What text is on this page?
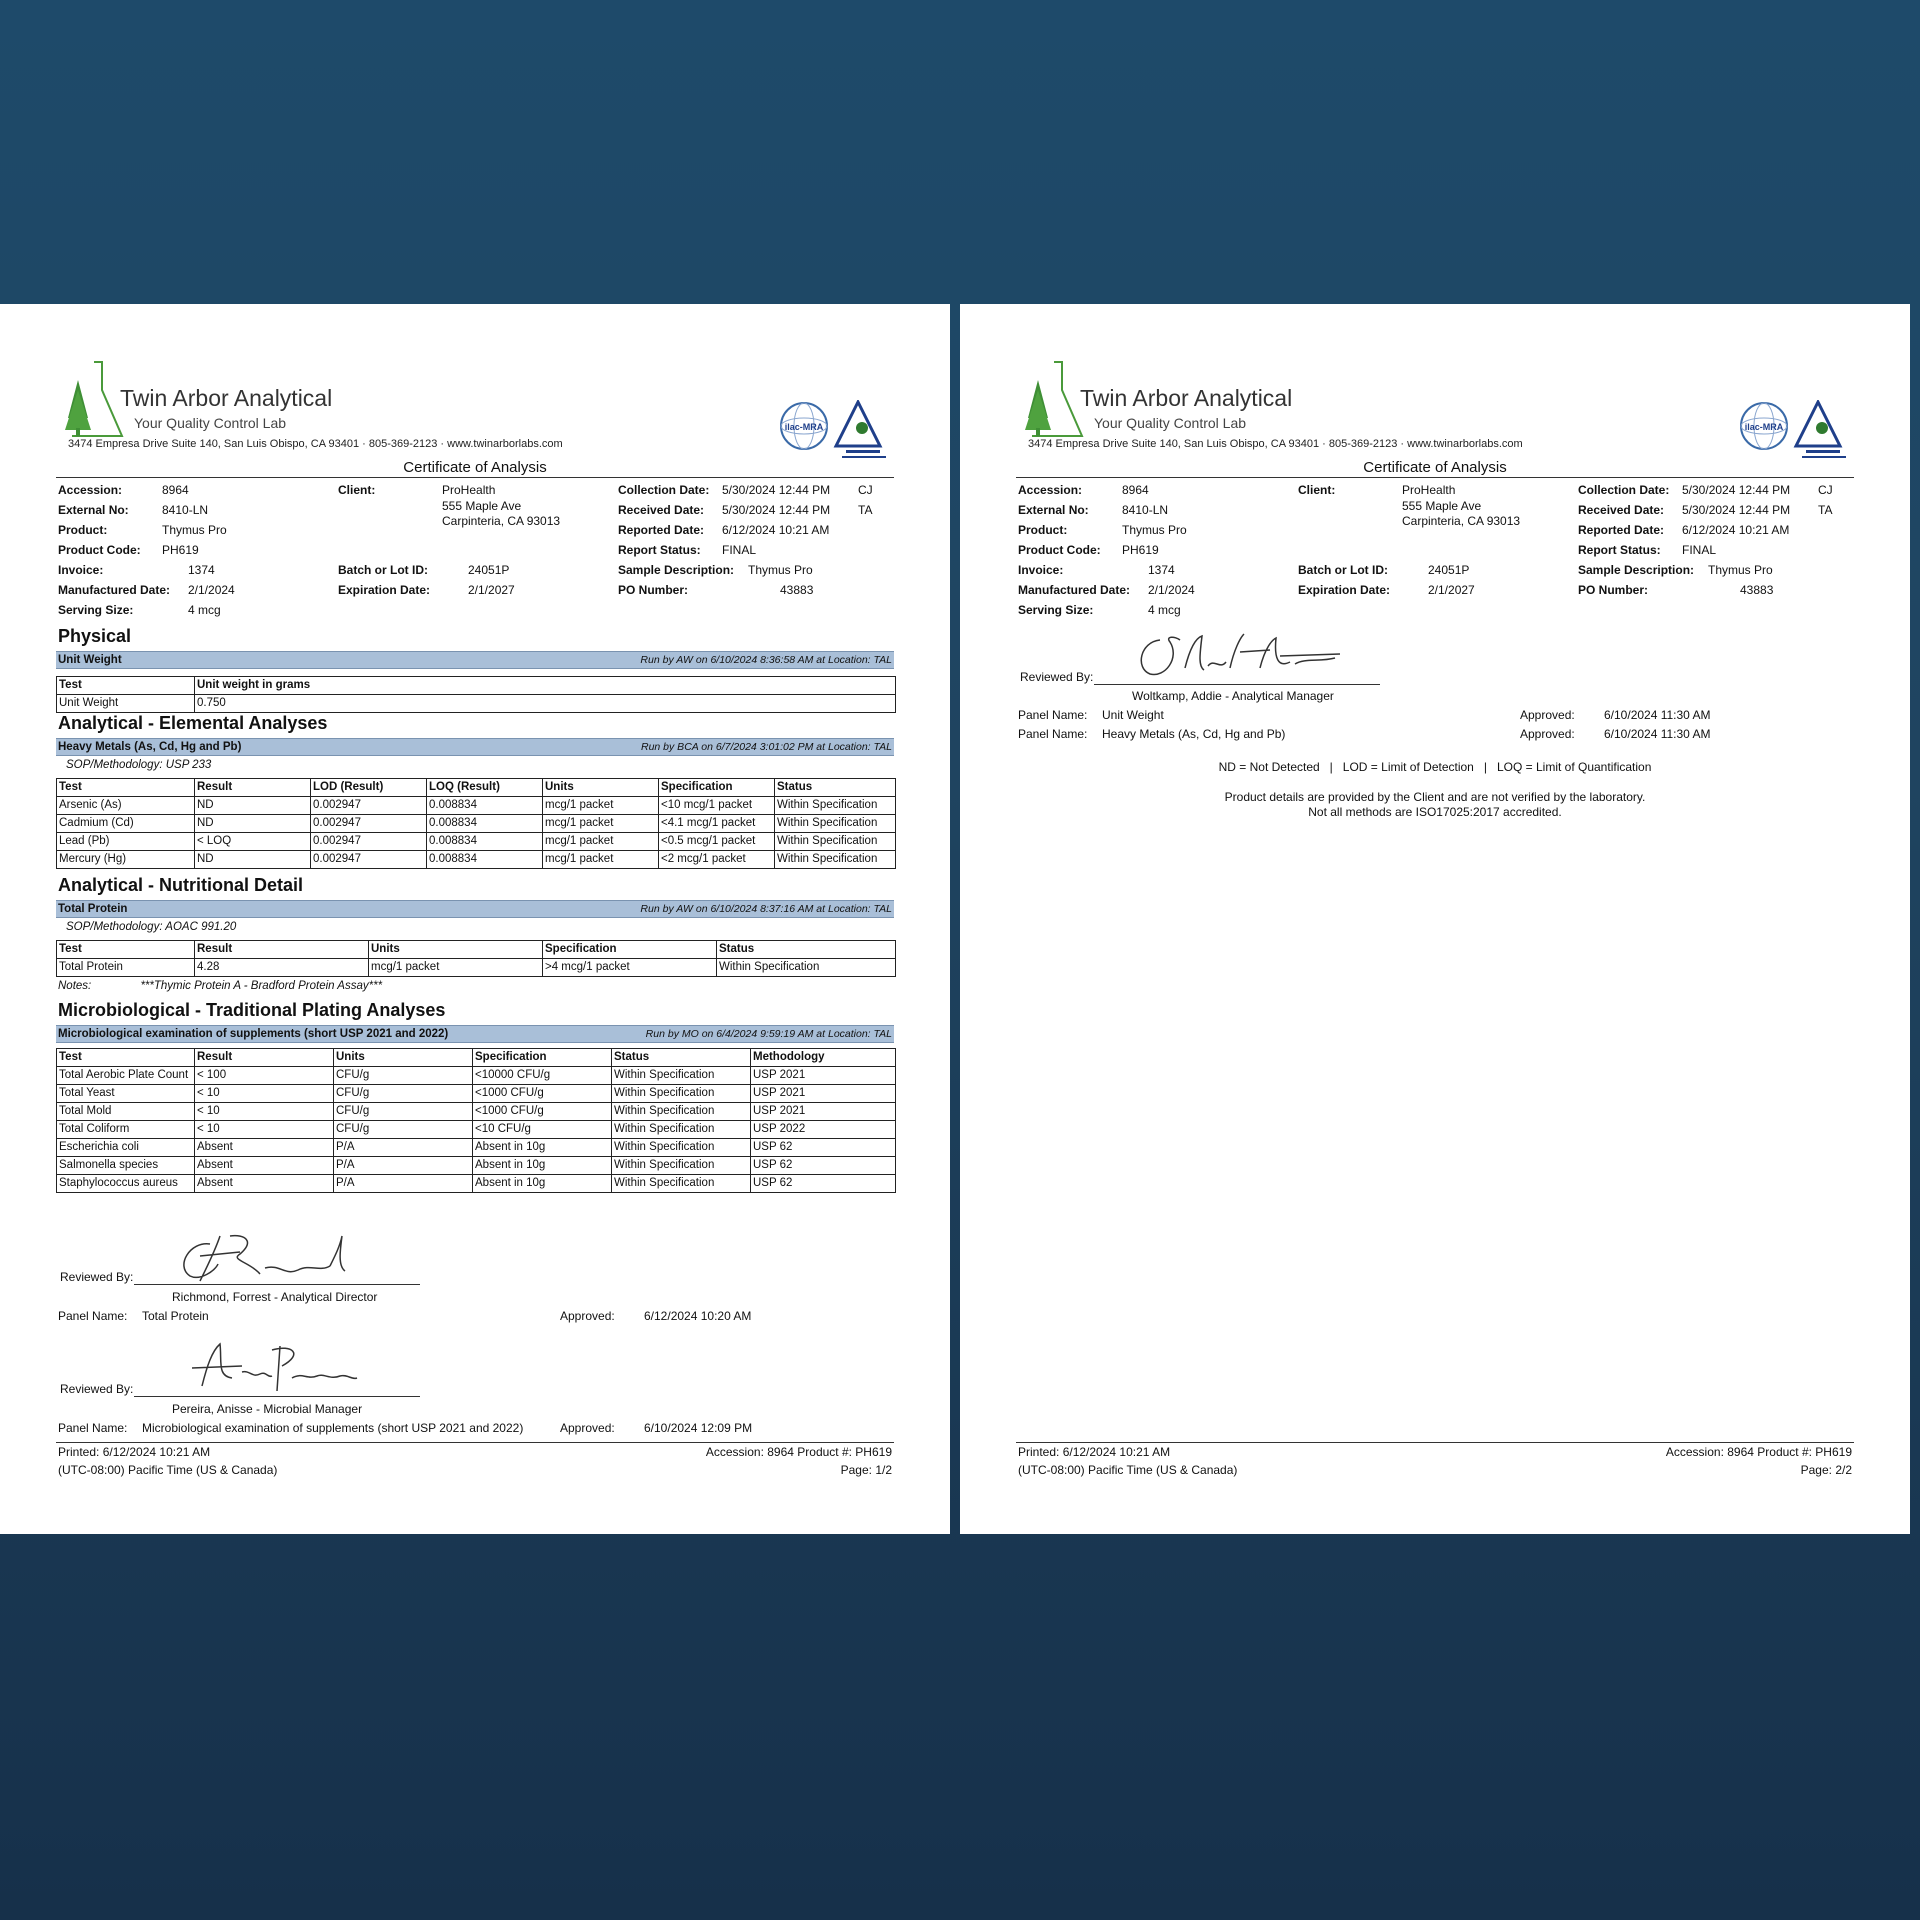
Twin Arbor Analytical
Your Quality Control Lab
3474 Empresa Drive Suite 140, San Luis Obispo, CA 93401 · 805-369-2123 · www.twinarborlabs.com
ilac-MRA
Certificate of Analysis
Accession:	8964	Client:	ProHealth	Collection Date: 5/30/2024 12:44 PM CJ
External No:	8410-LN	555 Maple Ave
Carpinteria, CA 93013
Received Date: 5/30/2024 12:44 PM TA
Product:	Thymus Pro	Reported Date: 6/12/2024 10:21 AM
Product Code: PH619	Report Status: FINAL
Invoice:	1374	Batch or Lot ID:	24051P	Sample Description: Thymus Pro
Manufactured Date: 2/1/2024	Expiration Date:	2/1/2027	PO Number:	43883
Serving Size:	4 mcg
Physical
Unit Weight	Run by AW on 6/10/2024 8:36:58 AM at Location: TAL
Test	Unit weight in grams
Unit Weight	0.750
Analytical - Elemental Analyses
Heavy Metals (As, Cd, Hg and Pb)	Run by BCA on 6/7/2024 3:01:02 PM at Location: TAL
SOP/Methodology: USP 233
Test	Result	LOD (Result)	LOQ (Result)	Units	Specification	Status
Arsenic (As)	ND	0.002947	0.008834	mcg/1 packet	<10 mcg/1 packet	Within Specification
Cadmium (Cd)	ND	0.002947	0.008834	mcg/1 packet	<4.1 mcg/1 packet	Within Specification
Lead (Pb)	< LOQ	0.002947	0.008834	mcg/1 packet	<0.5 mcg/1 packet	Within Specification
Mercury (Hg)	ND	0.002947	0.008834	mcg/1 packet	<2 mcg/1 packet	Within Specification
Analytical - Nutritional Detail
Total Protein	Run by AW on 6/10/2024 8:37:16 AM at Location: TAL
SOP/Methodology: AOAC 991.20
Test	Result	Units	Specification	Status
Total Protein	4.28	mcg/1 packet	>4 mcg/1 packet	Within Specification
Notes:	***Thymic Protein A - Bradford Protein Assay***
Microbiological - Traditional Plating Analyses
Microbiological examination of supplements (short USP 2021 and 2022)	Run by MO on 6/4/2024 9:59:19 AM at Location: TAL
Test	Result	Units	Specification	Status	Methodology
Total Aerobic Plate Count	< 100	CFU/g	<10000 CFU/g	Within Specification	USP 2021
Total Yeast	< 10	CFU/g	<1000 CFU/g	Within Specification	USP 2021
Total Mold	< 10	CFU/g	<1000 CFU/g	Within Specification	USP 2021
Total Coliform	< 10	CFU/g	<10 CFU/g	Within Specification	USP 2022
Escherichia coli	Absent	P/A	Absent in 10g	Within Specification	USP 62
Salmonella species	Absent	P/A	Absent in 10g	Within Specification	USP 62
Staphylococcus aureus	Absent	P/A	Absent in 10g	Within Specification	USP 62
Reviewed By:
Richmond, Forrest - Analytical Director
Panel Name: Total Protein	Approved: 6/12/2024 10:20 AM
Reviewed By:
Pereira, Anisse - Microbial Manager
Panel Name: Microbiological examination of supplements (short USP 2021 and 2022)	Approved: 6/10/2024 12:09 PM
Printed: 6/12/2024 10:21 AM
(UTC-08:00) Pacific Time (US & Canada)
Accession: 8964 Product #: PH619
Page: 1/2
Twin Arbor Analytical
Your Quality Control Lab
3474 Empresa Drive Suite 140, San Luis Obispo, CA 93401 · 805-369-2123 · www.twinarborlabs.com
ilac-MRA
Certificate of Analysis
Accession:	8964	Client:	ProHealth	Collection Date: 5/30/2024 12:44 PM CJ
External No:	8410-LN	555 Maple Ave
Carpinteria, CA 93013
Received Date: 5/30/2024 12:44 PM TA
Product:	Thymus Pro	Reported Date: 6/12/2024 10:21 AM
Product Code: PH619	Report Status: FINAL
Invoice:	1374	Batch or Lot ID:	24051P	Sample Description: Thymus Pro
Manufactured Date: 2/1/2024	Expiration Date:	2/1/2027	PO Number:	43883
Serving Size:	4 mcg
Reviewed By:
Woltkamp, Addie - Analytical Manager
Panel Name: Unit Weight	Approved: 6/10/2024 11:30 AM
Panel Name: Heavy Metals (As, Cd, Hg and Pb)	Approved: 6/10/2024 11:30 AM
ND = Not Detected   |   LOD = Limit of Detection   |   LOQ = Limit of Quantification
Product details are provided by the Client and are not verified by the laboratory.
Not all methods are ISO17025:2017 accredited.
Printed: 6/12/2024 10:21 AM
(UTC-08:00) Pacific Time (US & Canada)
Accession: 8964 Product #: PH619
Page: 2/2
